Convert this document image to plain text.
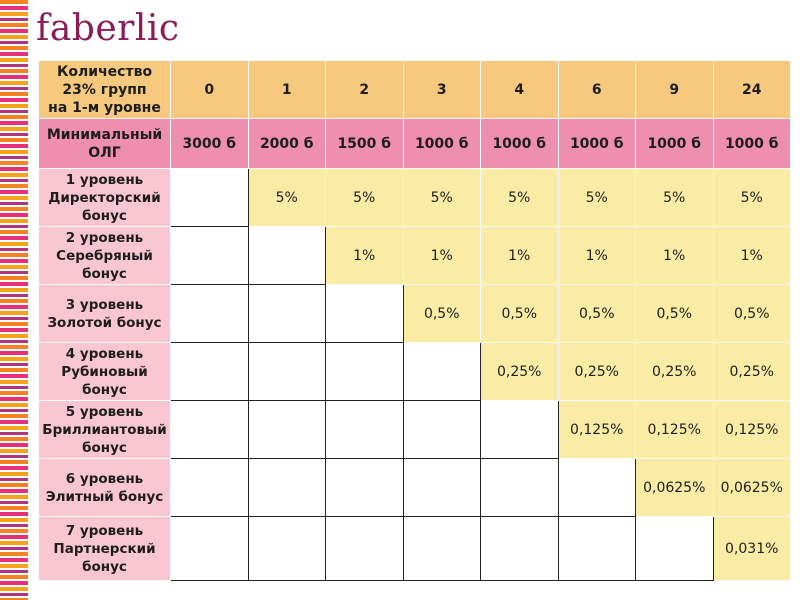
faberlic
Количество
23% групп
на 1-м уровне	0	1	2	3	4	6	9	24

Минимальный
ОЛГ	3000 б	2000 б	1500 б	1000 б	1000 б	1000 б	1000 б	1000 б

1 уровень
Директорский
бонус		5%	5%	5%	5%	5%	5%	5%

2 уровень
Серебряный
бонус			1%	1%	1%	1%	1%	1%

3 уровень
Золотой бонус				0,5%	0,5%	0,5%	0,5%	0,5%

4 уровень
Рубиновый
бонус					0,25%	0,25%	0,25%	0,25%

5 уровень
Бриллиантовый
бонус						0,125%	0,125%	0,125%

6 уровень
Элитный бонус							0,0625%	0,0625%

7 уровень
Партнерский
бонус								0,031%
